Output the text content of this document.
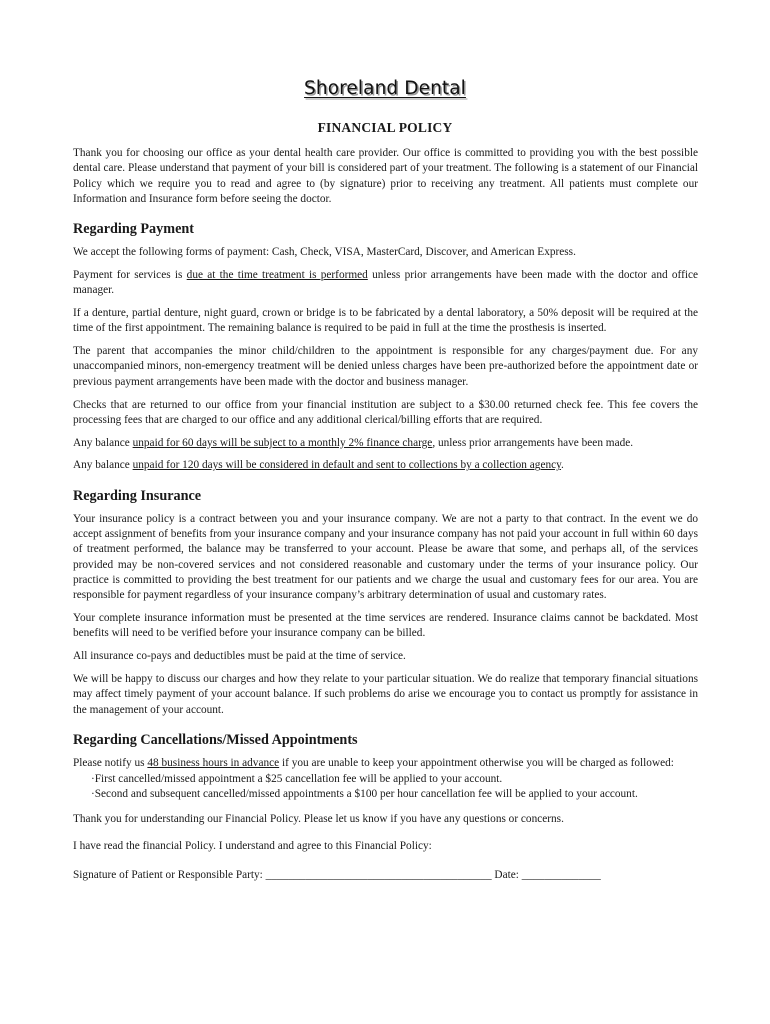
Shoreland Dental
FINANCIAL POLICY

Thank you for choosing our office as your dental health care provider. Our office is committed to providing you with the best possible dental care. Please understand that payment of your bill is considered part of your treatment. The following is a statement of our Financial Policy which we require you to read and agree to (by signature) prior to receiving any treatment. All patients must complete our Information and Insurance form before seeing the doctor.

Regarding Payment

We accept the following forms of payment: Cash, Check, VISA, MasterCard, Discover, and American Express.

Payment for services is due at the time treatment is performed unless prior arrangements have been made with the doctor and office manager.

If a denture, partial denture, night guard, crown or bridge is to be fabricated by a dental laboratory, a 50% deposit will be required at the time of the first appointment. The remaining balance is required to be paid in full at the time the prosthesis is inserted.

The parent that accompanies the minor child/children to the appointment is responsible for any charges/payment due. For any unaccompanied minors, non-emergency treatment will be denied unless charges have been pre-authorized before the appointment date or previous payment arrangements have been made with the doctor and business manager.

Checks that are returned to our office from your financial institution are subject to a $30.00 returned check fee. This fee covers the processing fees that are charged to our office and any additional clerical/billing efforts that are required.

Any balance unpaid for 60 days will be subject to a monthly 2% finance charge, unless prior arrangements have been made.

Any balance unpaid for 120 days will be considered in default and sent to collections by a collection agency.

Regarding Insurance

Your insurance policy is a contract between you and your insurance company. We are not a party to that contract. In the event we do accept assignment of benefits from your insurance company and your insurance company has not paid your account in full within 60 days of treatment performed, the balance may be transferred to your account. Please be aware that some, and perhaps all, of the services provided may be non-covered services and not considered reasonable and customary under the terms of your insurance policy. Our practice is committed to providing the best treatment for our patients and we charge the usual and customary fees for our area. You are responsible for payment regardless of your insurance company’s arbitrary determination of usual and customary rates.

Your complete insurance information must be presented at the time services are rendered. Insurance claims cannot be backdated. Most benefits will need to be verified before your insurance company can be billed.

All insurance co-pays and deductibles must be paid at the time of service.

We will be happy to discuss our charges and how they relate to your particular situation. We do realize that temporary financial situations may affect timely payment of your account balance. If such problems do arise we encourage you to contact us promptly for assistance in the management of your account.

Regarding Cancellations/Missed Appointments

Please notify us 48 business hours in advance if you are unable to keep your appointment otherwise you will be charged as followed:

·First cancelled/missed appointment a $25 cancellation fee will be applied to your account.
·Second and subsequent cancelled/missed appointments a $100 per hour cancellation fee will be applied to your account.

Thank you for understanding our Financial Policy. Please let us know if you have any questions or concerns.

I have read the financial Policy. I understand and agree to this Financial Policy:

Signature of Patient or Responsible Party: ________________________________________ Date: ______________
